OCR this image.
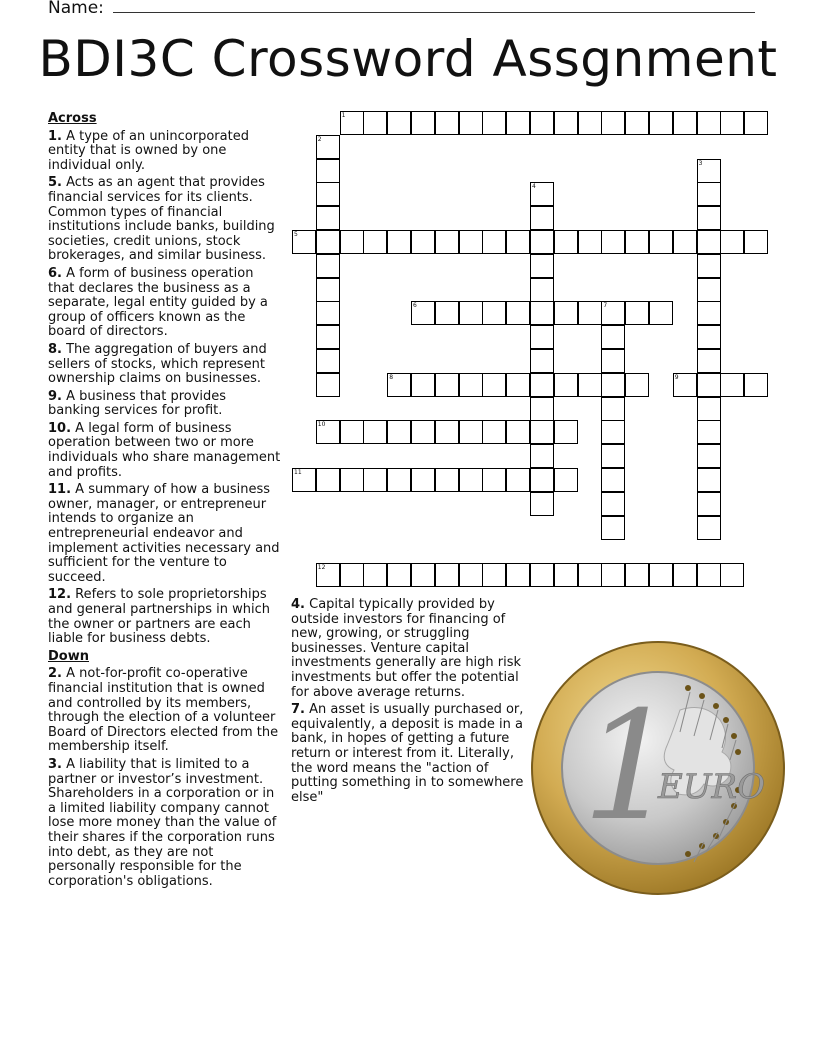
Name:
BDI3C Crossword Assgnment
1
2
3
4
5
6	7
8	9
10
11
12
Across
1. A type of an unincorporated entity that is owned by one individual only.
5. Acts as an agent that provides financial services for its clients. Common types of financial institutions include banks, building societies, credit unions, stock brokerages, and similar business.
6. A form of business operation that declares the business as a separate, legal entity guided by a group of officers known as the board of directors.
8. The aggregation of buyers and sellers of stocks, which represent ownership claims on businesses.
9. A business that provides banking services for profit.
10. A legal form of business operation between two or more individuals who share management and profits.
11. A summary of how a business owner, manager, or entrepreneur intends to organize an entrepreneurial endeavor and implement activities necessary and sufficient for the venture to succeed.
12. Refers to sole proprietorships and general partnerships in which the owner or partners are each liable for business debts.
Down
2. A not-for-profit co-operative financial institution that is owned and controlled by its members, through the election of a volunteer Board of Directors elected from the membership itself.
3. A liability that is limited to a partner or investor’s investment. Shareholders in a corporation or in a limited liability company cannot lose more money than the value of their shares if the corporation runs into debt, as they are not personally responsible for the corporation's obligations.
4. Capital typically provided by outside investors for financing of new, growing, or struggling businesses. Venture capital investments generally are high risk investments but offer the potential for above average returns.
7. An asset is usually purchased or, equivalently, a deposit is made in a bank, in hopes of getting a future return or interest from it. Literally, the word means the "action of putting something in to somewhere else"	1
EURO
